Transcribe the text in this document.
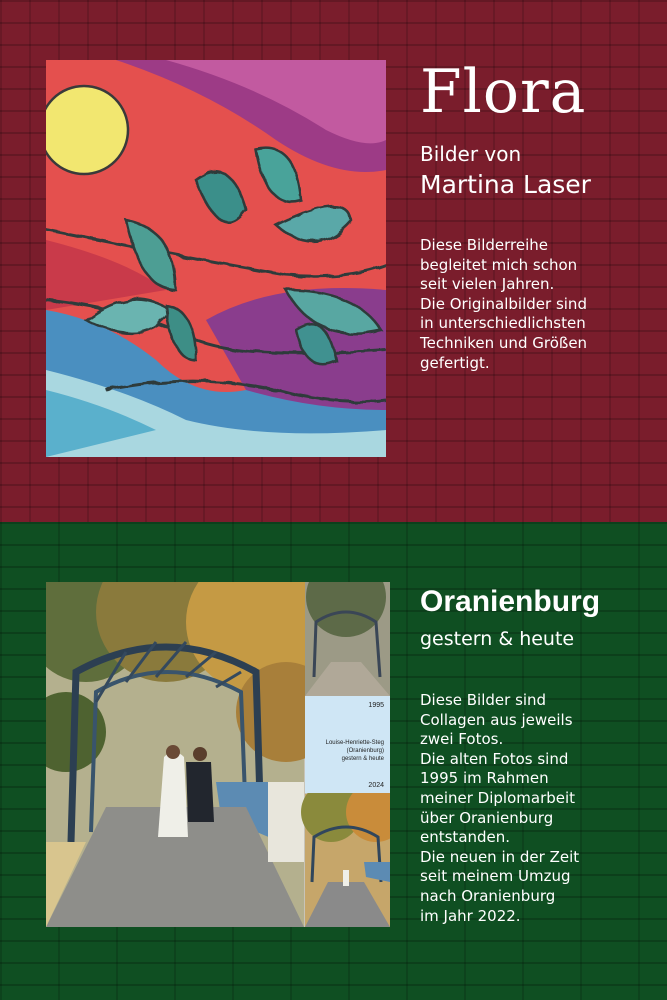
Flora
Bilder von
Martina Laser
Diese Bilderreihe
begleitet mich schon
seit vielen Jahren.
Die Originalbilder sind
in unterschiedlichsten
Techniken und Größen
gefertigt.
1995
Louise-Henriette-Steg
(Oranienburg)
gestern & heute
2024
Oranienburg
gestern & heute
Diese Bilder sind
Collagen aus jeweils
zwei Fotos.
Die alten Fotos sind
1995 im Rahmen
meiner Diplomarbeit
über Oranienburg
entstanden.
Die neuen in der Zeit
seit meinem Umzug
nach Oranienburg
im Jahr 2022.
